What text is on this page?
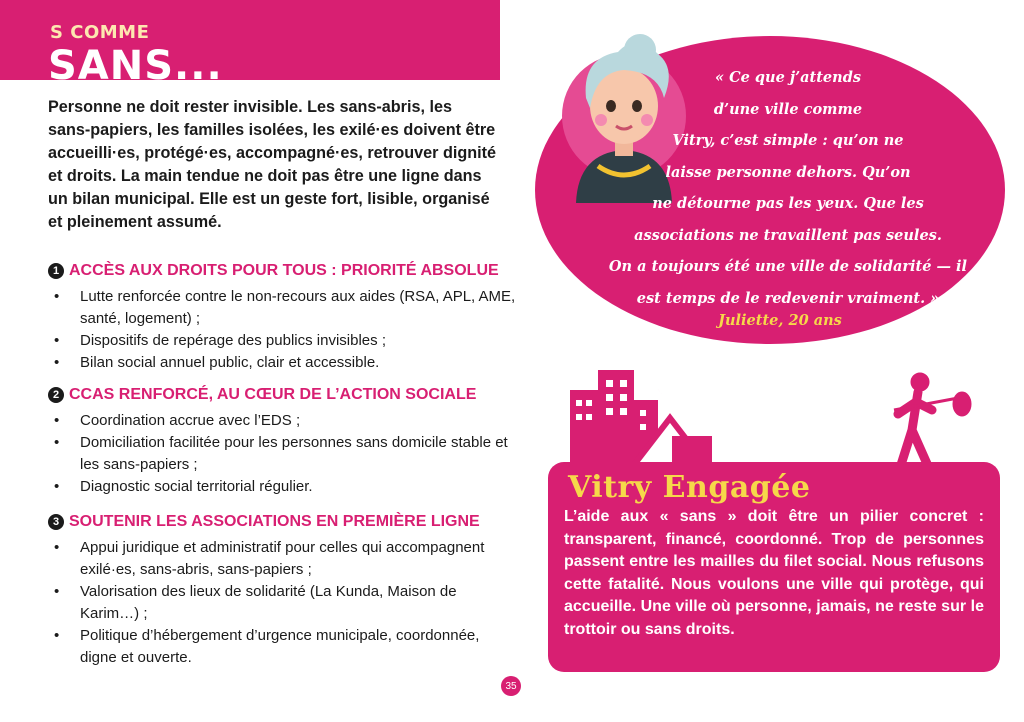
S COMME
SANS...

Personne ne doit rester invisible. Les sans-abris, les sans-papiers, les familles isolées, les exilé·es doivent être accueilli·es, protégé·es, accompagné·es, retrouver dignité et droits. La main tendue ne doit pas être une ligne dans un bilan municipal. Elle est un geste fort, lisible, organisé et pleinement assumé.

1 ACCÈS AUX DROITS POUR TOUS : PRIORITÉ ABSOLUE
• Lutte renforcée contre le non-recours aux aides (RSA, APL, AME, santé, logement) ;
• Dispositifs de repérage des publics invisibles ;
• Bilan social annuel public, clair et accessible.
2 CCAS RENFORCÉ, AU CŒUR DE L’ACTION SOCIALE
• Coordination accrue avec l’EDS ;
• Domiciliation facilitée pour les personnes sans domicile stable et les sans-papiers ;
• Diagnostic social territorial régulier.
3 SOUTENIR LES ASSOCIATIONS EN PREMIÈRE LIGNE
• Appui juridique et administratif pour celles qui accompagnent exilé·es, sans-abris, sans-papiers ;
• Valorisation des lieux de solidarité (La Kunda, Maison de Karim…) ;
• Politique d’hébergement d’urgence municipale, coordonnée, digne et ouverte.

« Ce que j’attends
d’une ville comme
Vitry, c’est simple : qu’on ne
laisse personne dehors. Qu’on
ne détourne pas les yeux. Que les
associations ne travaillent pas seules.
On a toujours été une ville de solidarité — il
est temps de le redevenir vraiment. »

Juliette, 20 ans
Vitry Engagée

L’aide aux « sans » doit être un pilier concret : transparent, financé, coordonné. Trop de personnes passent entre les mailles du filet social. Nous refusons cette fatalité. Nous voulons une ville qui protège, qui accueille. Une ville où personne, jamais, ne reste sur le trottoir ou sans droits.

35
